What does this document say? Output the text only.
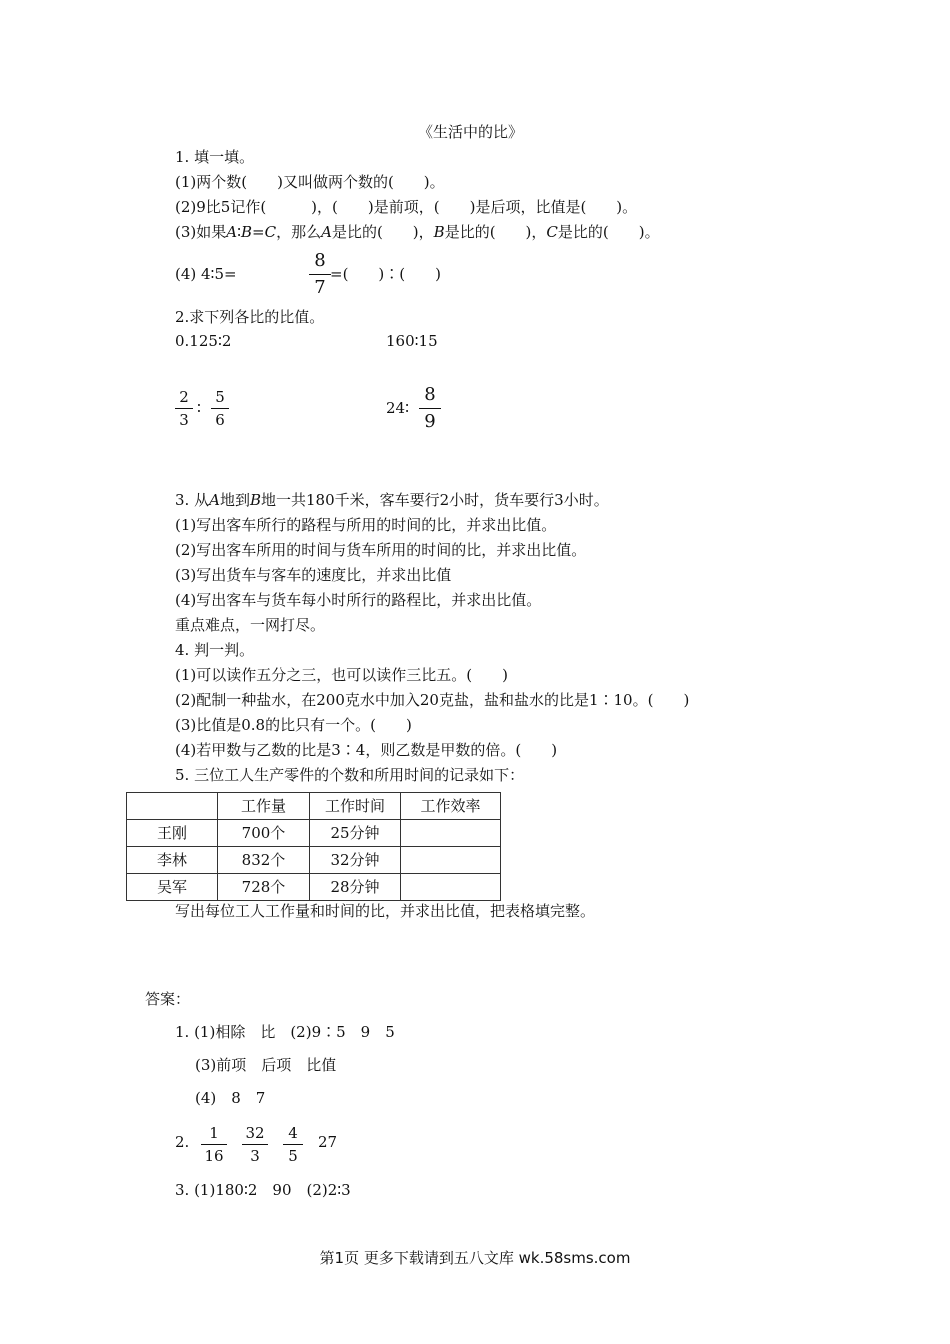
《生活中的比》
1. 填一填。
(1)两个数(　　)又叫做两个数的(　　)。
(2)9比5记作(　　　)，(　　)是前项，(　　)是后项，比值是(　　)。
(3)如果A∶B=C，那么A是比的(　　)，B是比的(　　)，C是比的(　　)。
(4) 4∶5=
8
7
=(　　)∶(　　)
2.求下列各比的比值。
0.125∶2	160∶15
2
3
∶
5
6
24∶
8
9
3. 从A地到B地一共180千米，客车要行2小时，货车要行3小时。
(1)写出客车所行的路程与所用的时间的比，并求出比值。
(2)写出客车所用的时间与货车所用的时间的比，并求出比值。
(3)写出货车与客车的速度比，并求出比值
(4)写出客车与货车每小时所行的路程比，并求出比值。
重点难点，一网打尽。
4. 判一判。
(1)可以读作五分之三，也可以读作三比五。(　　)
(2)配制一种盐水，在200克水中加入20克盐，盐和盐水的比是1∶10。(　　)
(3)比值是0.8的比只有一个。(　　)
(4)若甲数与乙数的比是3∶4，则乙数是甲数的倍。(　　)
5. 三位工人生产零件的个数和所用时间的记录如下：
	工作量	工作时间	工作效率
王刚	700个	25分钟	
李林	832个	32分钟	
吴军	728个	28分钟	
写出每位工人工作量和时间的比，并求出比值，把表格填完整。
答案：
1. (1)相除　比　(2)9∶5　9　5
(3)前项　后项　比值
(4)　8　7
2.	1
16
32
3
4
5
27
3. (1)180∶2　90　(2)2∶3
第1页 更多下载请到五八文库 wk.58sms.com
